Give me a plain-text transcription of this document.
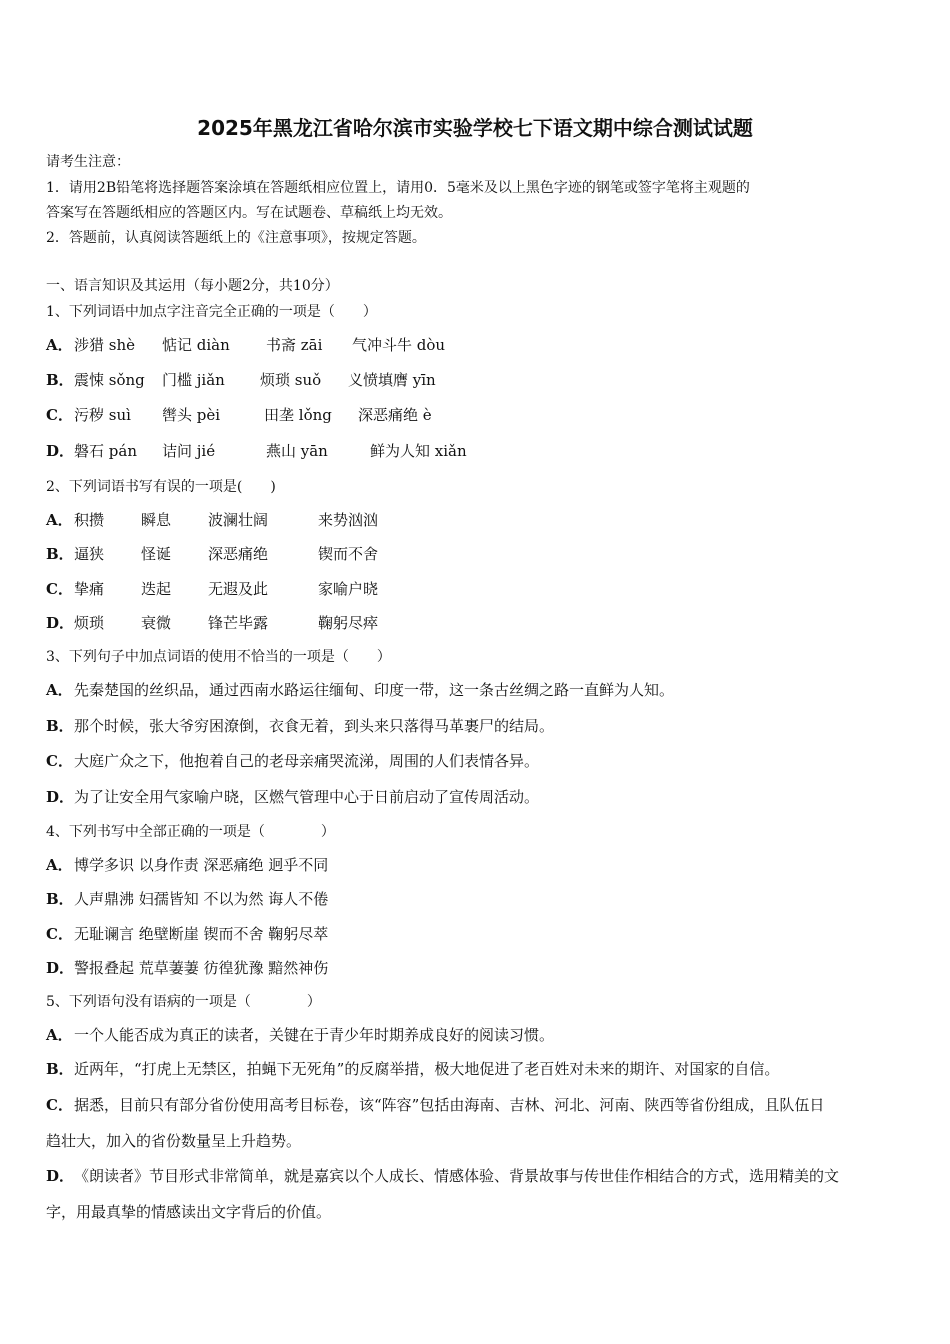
2025年黑龙江省哈尔滨市实验学校七下语文期中综合测试试题
请考生注意：
1．请用2B铅笔将选择题答案涂填在答题纸相应位置上，请用0．5毫米及以上黑色字迹的钢笔或签字笔将主观题的
答案写在答题纸相应的答题区内。写在试题卷、草稿纸上均无效。
2．答题前，认真阅读答题纸上的《注意事项》，按规定答题。
一、语言知识及其运用（每小题2分，共10分）
1、下列词语中加点字注音完全正确的一项是（　　）
A．涉猎 shè 惦记 diàn 书斋 zāi 气冲斗牛 dòu
B．震悚 sǒng 门槛 jiǎn 烦琐 suǒ 义愤填膺 yīn
C．污秽 suì 辔头 pèi	田垄 lǒng 深恶痛绝 è
D．磐石 pán 诘问 jié	燕山 yān	鲜为人知 xiǎn
2、下列词语书写有误的一项是(　　)
A．积攒 瞬息 波澜壮阔	来势汹汹
B．逼狭 怪诞 深恶痛绝	锲而不舍
C．挚痛 迭起 无遐及此	家喻户晓
D．烦琐 衰微 锋芒毕露	鞠躬尽瘁
3、下列句子中加点词语的使用不恰当的一项是（　　）
A．先秦楚国的丝织品，通过西南水路运往缅甸、印度一带，这一条古丝绸之路一直鲜为人知。
B．那个时候，张大爷穷困潦倒，衣食无着，到头来只落得马革裹尸的结局。
C．大庭广众之下，他抱着自己的老母亲痛哭流涕，周围的人们表情各异。
D．为了让安全用气家喻户晓，区燃气管理中心于日前启动了宣传周活动。
4、下列书写中全部正确的一项是（　　　　）
A．博学多识 以身作责 深恶痛绝 迥乎不同
B．人声鼎沸 妇孺皆知 不以为然 诲人不倦
C．无耻谰言 绝壁断崖 锲而不舍 鞠躬尽萃
D．警报叠起 荒草萋萋 彷徨犹豫 黯然神伤
5、下列语句没有语病的一项是（　　　　）
A．一个人能否成为真正的读者，关键在于青少年时期养成良好的阅读习惯。
B．近两年，“打虎上无禁区，拍蝇下无死角”的反腐举措，极大地促进了老百姓对未来的期许、对国家的自信。
C．据悉，目前只有部分省份使用高考目标卷，该“阵容”包括由海南、吉林、河北、河南、陕西等省份组成，且队伍日
趋壮大，加入的省份数量呈上升趋势。
D．《朗读者》节目形式非常简单，就是嘉宾以个人成长、情感体验、背景故事与传世佳作相结合的方式，选用精美的文
字，用最真挚的情感读出文字背后的价值。
